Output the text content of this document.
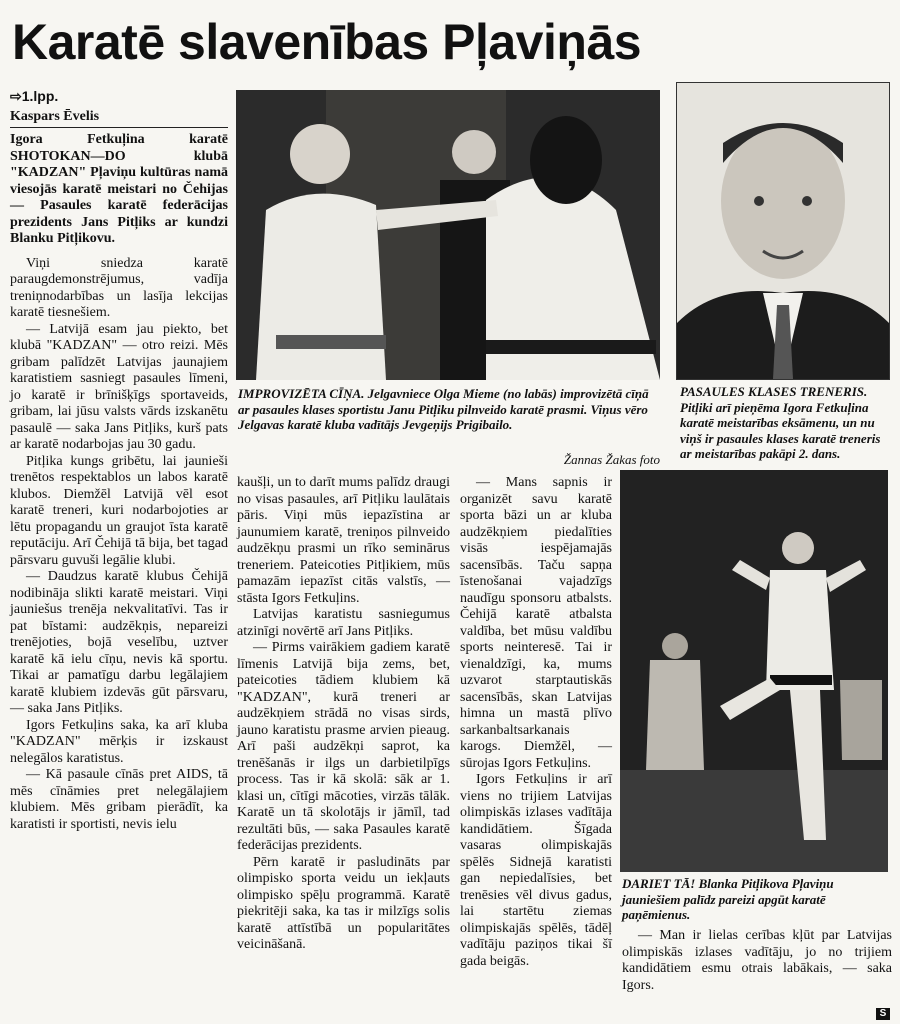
Karatē slavenības Pļaviņās
⇨1.lpp.
Kaspars Ēvelis

Igora Fetkuļina karatē SHOTOKAN—DO klubā "KADZAN" Pļaviņu kultūras namā viesojās karatē meistari no Čehijas — Pasaules karatē federācijas prezidents Jans Pitļiks ar kundzi Blanku Pitļikovu.

Viņi sniedza karatē paraugdemonstrējumus, vadīja treniņnodarbības un lasīja lekcijas karatē tiesnešiem.

— Latvijā esam jau piekto, bet klubā "KADZAN" — otro reizi. Mēs gribam palīdzēt Latvijas jaunajiem karatistiem sasniegt pasaules līmeni, jo karatē ir brīnišķīgs sportaveids, gribam, lai jūsu valsts vārds izskanētu pasaulē — saka Jans Pitļiks, kurš pats ar karatē nodarbojas jau 30 gadu.

Pitļika kungs gribētu, lai jaunieši trenētos respektablos un labos karatē klubos. Diemžēl Latvijā vēl esot karatē treneri, kuri nodarbojoties ar lētu propagandu un graujot īsta karatē reputāciju. Arī Čehijā tā bija, bet tagad pārsvaru guvuši legālie klubi.

— Daudzus karatē klubus Čehijā nodibināja slikti karatē meistari. Viņi jauniešus trenēja nekvalitatīvi. Tas ir pat bīstami: audzēkņis, nepareizi trenējoties, bojā veselību, uztver karatē kā ielu cīņu, nevis kā sportu. Tikai ar pamatīgu darbu legālajiem karatē klubiem izdevās gūt pārsvaru, — saka Jans Pitļiks.

Igors Fetkuļins saka, ka arī kluba "KADZAN" mērķis ir izskaust nelegālos karatistus.

— Kā pasaule cīnās pret AIDS, tā mēs cīnāmies pret nelegālajiem klubiem. Mēs gribam pierādīt, ka karatisti ir sportisti, nevis ielu

IMPROVIZĒTA CĪŅA. Jelgavniece Olga Mieme (no labās) improvizētā cīņā ar pasaules klases sportistu Janu Pitļiku pilnveido karatē prasmi. Viņus vēro Jelgavas karatē kluba vadītājs Jevgeņijs Prigibailo.
Žannas Žakas foto
PASAULES KLASES TRENERIS. Pitļiki arī pieņēma Igora Fetkuļina karatē meistarības eksāmenu, un nu viņš ir pasaules klases karatē treneris ar meistarības pakāpi 2. dans.

kaušļi, un to darīt mums palīdz draugi no visas pasaules, arī Pitļiku laulātais pāris. Viņi mūs iepazīstina ar jaunumiem karatē, treniņos pilnveido audzēkņu prasmi un rīko seminārus treneriem. Pateicoties Pitļikiem, mūs pamazām iepazīst citās valstīs, — stāsta Igors Fetkuļins.

Latvijas karatistu sasniegumus atzinīgi novērtē arī Jans Pitļiks.

— Pirms vairākiem gadiem karatē līmenis Latvijā bija zems, bet, pateicoties tādiem klubiem kā "KADZAN", kurā treneri ar audzēkņiem strādā no visas sirds, jauno karatistu prasme arvien pieaug. Arī paši audzēkņi saprot, ka trenēšanās ir ilgs un darbietilpīgs process. Tas ir kā skolā: sāk ar 1. klasi un, cītīgi mācoties, virzās tālāk. Karatē un tā skolotājs ir jāmīl, tad rezultāti būs, — saka Pasaules karatē federācijas prezidents.

Pērn karatē ir pasludināts par olimpisko sporta veidu un iekļauts olimpisko spēļu programmā. Karatē piekritēji saka, ka tas ir milzīgs solis karatē attīstībā un popularitātes veicināšanā.

— Mans sapnis ir organizēt savu karatē sporta bāzi un ar kluba audzēkņiem piedalīties visās iespējamajās sacensībās. Taču sapņa īstenošanai vajadzīgs naudīgu sponsoru atbalsts. Čehijā karatē atbalsta valdība, bet mūsu valdību sports neinteresē. Tai ir vienaldzīgi, ka, mums uzvarot starptautiskās sacensībās, skan Latvijas himna un mastā plīvo sarkanbaltsarkanais karogs. Diemžēl, — sūrojas Igors Fetkuļins.

Igors Fetkuļins ir arī viens no trijiem Latvijas olimpiskās izlases vadītāja kandidātiem. Šīgada vasaras olimpiskajās spēlēs Sidnejā karatisti gan nepiedalīsies, bet trenēsies vēl divus gadus, lai startētu ziemas olimpiskajās spēlēs, tādēļ vadītāju paziņos tikai šī gada beigās.

DARIET TĀ! Blanka Pitļikova Pļaviņu jauniešiem palīdz pareizi apgūt karatē paņēmienus.

— Man ir lielas cerības kļūt par Latvijas olimpiskās izlases vadītāju, jo no trijiem kandidātiem esmu otrais labākais, — saka Igors.

S
